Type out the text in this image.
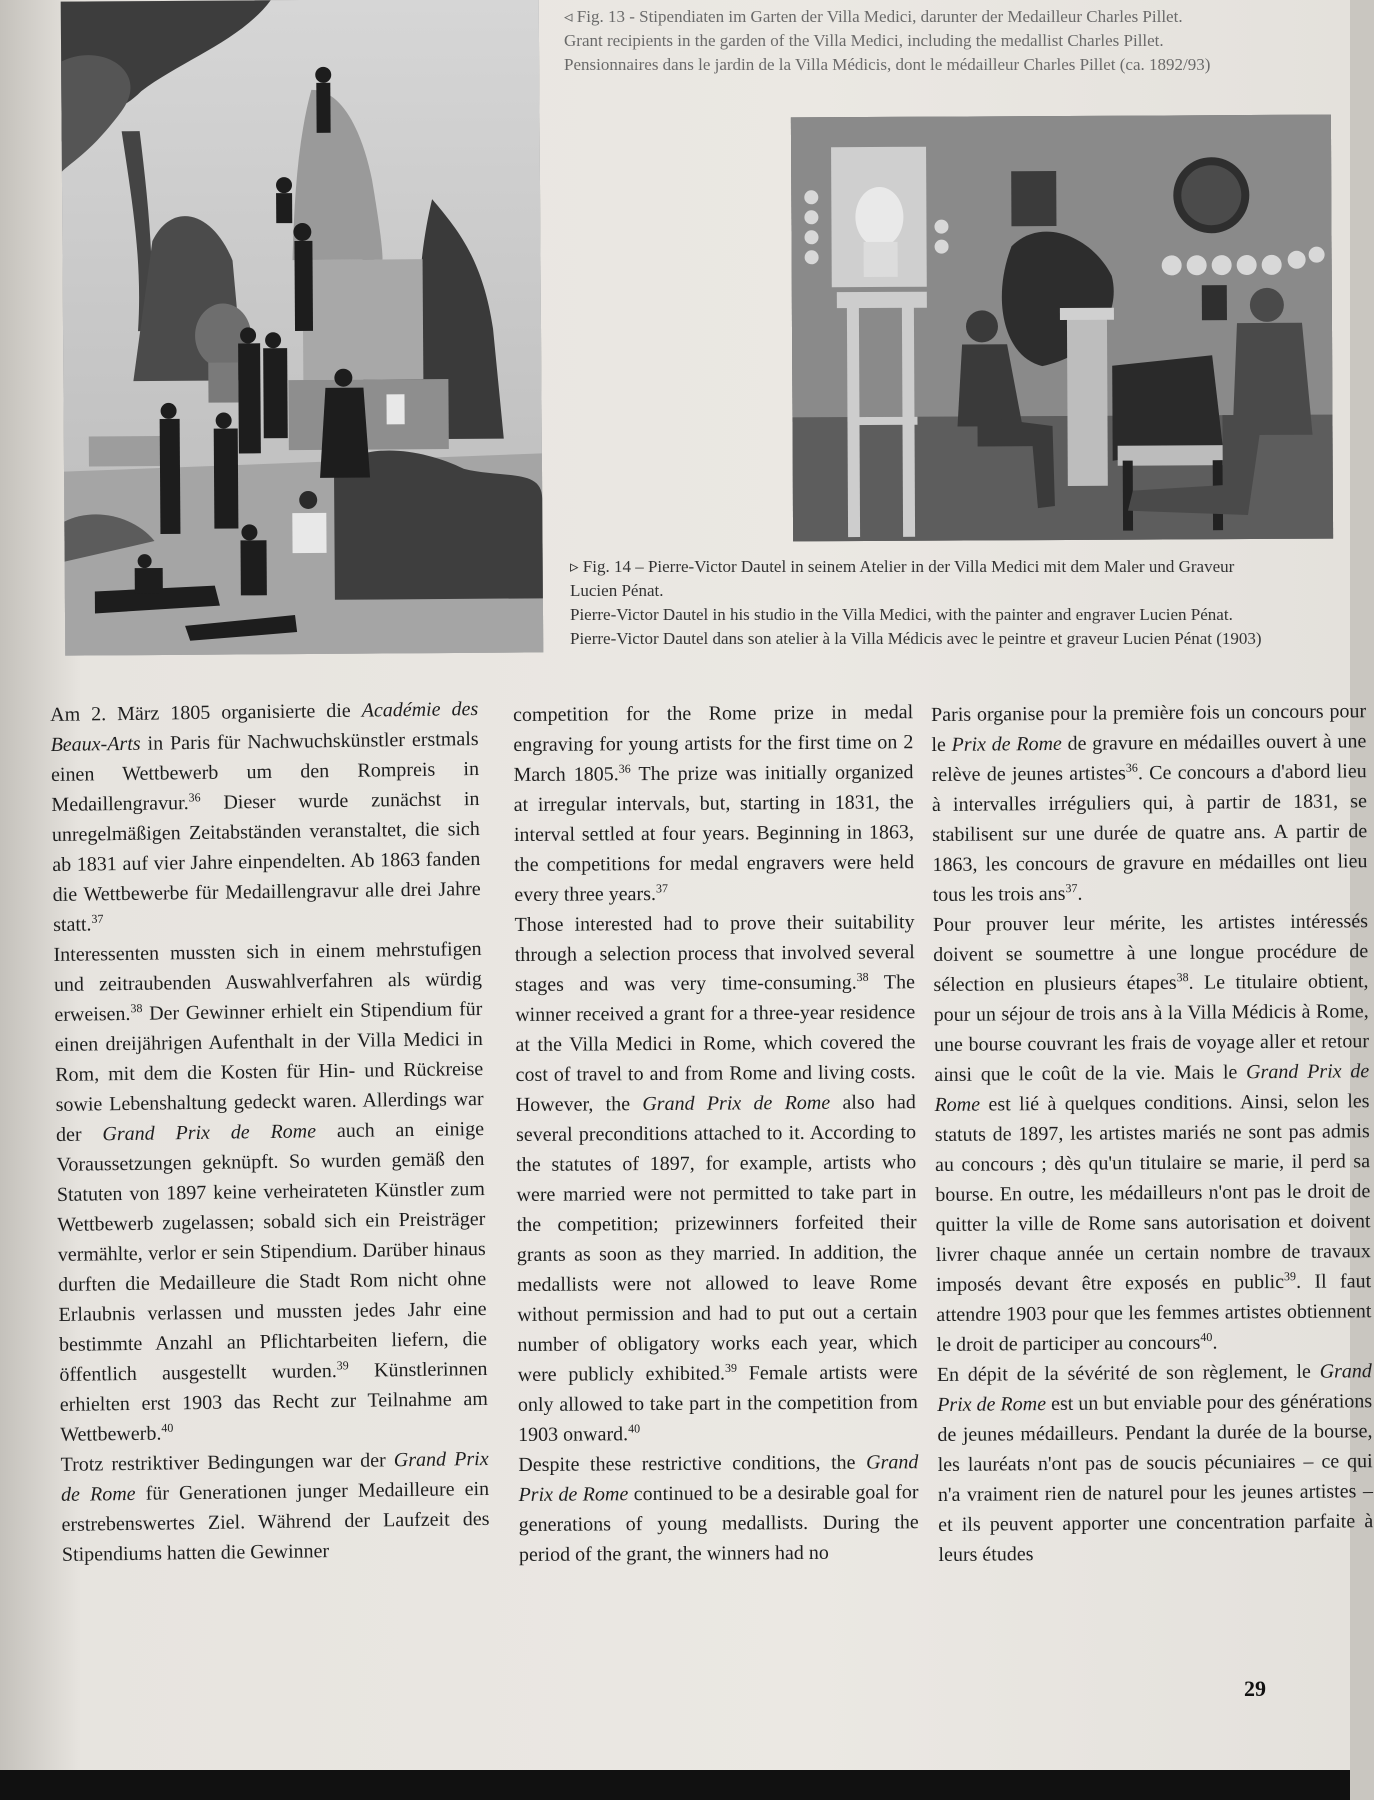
◃ Fig. 13 - Stipendiaten im Garten der Villa Medici, darunter der Medailleur Charles Pillet.
Grant recipients in the garden of the Villa Medici, including the medallist Charles Pillet.
Pensionnaires dans le jardin de la Villa Médicis, dont le médailleur Charles Pillet (ca. 1892/93)
▹ Fig. 14 – Pierre-Victor Dautel in seinem Atelier in der Villa Medici mit dem Maler und Graveur
Lucien Pénat.
Pierre-Victor Dautel in his studio in the Villa Medici, with the painter and engraver Lucien Pénat.
Pierre-Victor Dautel dans son atelier à la Villa Médicis avec le peintre et graveur Lucien Pénat (1903)

Am 2. März 1805 organisierte die Académie des Beaux-Arts in Paris für Nachwuchskünstler erstmals einen Wettbewerb um den Rompreis in Medaillengravur.$^{36}$ Dieser wurde zunächst in unregelmäßigen Zeitabständen veranstaltet, die sich ab 1831 auf vier Jahre einpendelten. Ab 1863 fanden die Wettbewerbe für Medaillengravur alle drei Jahre statt.$^{37}$

Interessenten mussten sich in einem mehrstufigen und zeitraubenden Auswahlverfahren als würdig erweisen.$^{38}$ Der Gewinner erhielt ein Stipendium für einen dreijährigen Aufenthalt in der Villa Medici in Rom, mit dem die Kosten für Hin- und Rückreise sowie Lebenshaltung gedeckt waren. Allerdings war der Grand Prix de Rome auch an einige Voraussetzungen geknüpft. So wurden gemäß den Statuten von 1897 keine verheirateten Künstler zum Wettbewerb zugelassen; sobald sich ein Preisträger vermählte, verlor er sein Stipendium. Darüber hinaus durften die Medailleure die Stadt Rom nicht ohne Erlaubnis verlassen und mussten jedes Jahr eine bestimmte Anzahl an Pflichtarbeiten liefern, die öffentlich ausgestellt wurden.$^{39}$ Künstlerinnen erhielten erst 1903 das Recht zur Teilnahme am Wettbewerb.$^{40}$

Trotz restriktiver Bedingungen war der Grand Prix de Rome für Generationen junger Medailleure ein erstrebenswertes Ziel. Während der Laufzeit des Stipendiums hatten die Gewinner

competition for the Rome prize in medal engraving for young artists for the first time on 2 March 1805.36 The prize was initially organized at irregular intervals, but, starting in 1831, the interval settled at four years. Beginning in 1863, the competitions for medal engravers were held every three years.$^{37}$

Those interested had to prove their suitability through a selection process that involved several stages and was very time-consuming.$^{38}$ The winner received a grant for a three-year residence at the Villa Medici in Rome, which covered the cost of travel to and from Rome and living costs. However, the Grand Prix de Rome also had several preconditions attached to it. According to the statutes of 1897, for example, artists who were married were not permitted to take part in the competition; prizewinners forfeited their grants as soon as they married. In addition, the medallists were not allowed to leave Rome without permission and had to put out a certain number of obligatory works each year, which were publicly exhibited.$^{39}$ Female artists were only allowed to take part in the competition from 1903 onward.$^{40}$

Despite these restrictive conditions, the Grand Prix de Rome continued to be a desirable goal for generations of young medallists. During the period of the grant, the winners had no

Paris organise pour la première fois un concours pour le Prix de Rome de gravure en médailles ouvert à une relève de jeunes artistes$^{36}$. Ce concours a d'abord lieu à intervalles irréguliers qui, à partir de 1831, se stabilisent sur une durée de quatre ans. A partir de 1863, les concours de gravure en médailles ont lieu tous les trois ans$^{37}$.

Pour prouver leur mérite, les artistes intéressés doivent se soumettre à une longue procédure de sélection en plusieurs étapes$^{38}$. Le titulaire obtient, pour un séjour de trois ans à la Villa Médicis à Rome, une bourse couvrant les frais de voyage aller et retour ainsi que le coût de la vie. Mais le Grand Prix de Rome est lié à quelques conditions. Ainsi, selon les statuts de 1897, les artistes mariés ne sont pas admis au concours ; dès qu'un titulaire se marie, il perd sa bourse. En outre, les médailleurs n'ont pas le droit de quitter la ville de Rome sans autorisation et doivent livrer chaque année un certain nombre de travaux imposés devant être exposés en public$^{39}$. Il faut attendre 1903 pour que les femmes artistes obtiennent le droit de participer au concours$^{40}$.

En dépit de la sévérité de son règlement, le Grand Prix de Rome est un but enviable pour des générations de jeunes médailleurs. Pendant la durée de la bourse, les lauréats n'ont pas de soucis pécuniaires – ce qui n'a vraiment rien de naturel pour les jeunes artistes – et ils peuvent apporter une concentration parfaite à leurs études

29
